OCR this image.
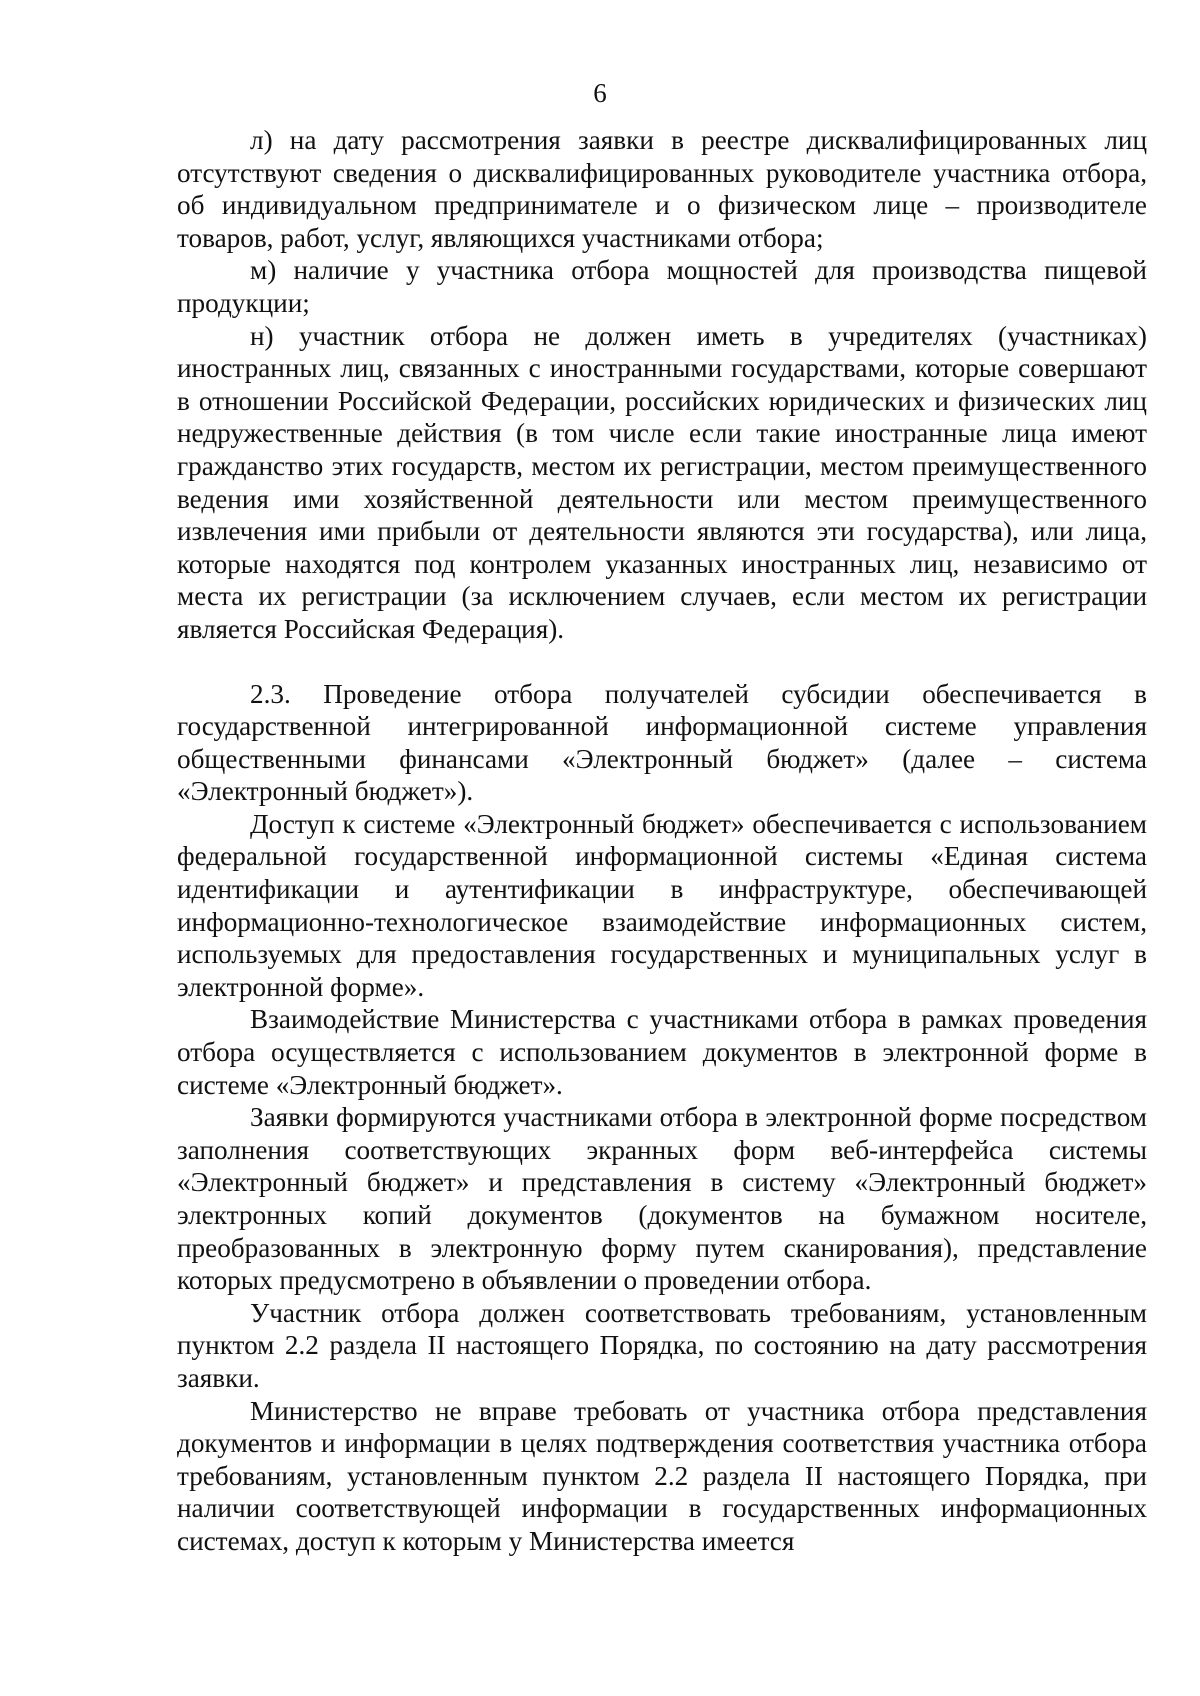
6

л) на дату рассмотрения заявки в реестре дисквалифицированных лиц отсутствуют сведения о дисквалифицированных руководителе участника отбора, об индивидуальном предпринимателе и о физическом лице – производителе товаров, работ, услуг, являющихся участниками отбора;

м) наличие у участника отбора мощностей для производства пищевой продукции;

н) участник отбора не должен иметь в учредителях (участниках) иностранных лиц, связанных с иностранными государствами, которые совершают в отношении Российской Федерации, российских юридических и физических лиц недружественные действия (в том числе если такие иностранные лица имеют гражданство этих государств, местом их регистрации, местом преимущественного ведения ими хозяйственной деятельности или местом преимущественного извлечения ими прибыли от деятельности являются эти государства), или лица, которые находятся под контролем указанных иностранных лиц, независимо от места их регистрации (за исключением случаев, если местом их регистрации является Российская Федерация).

2.3. Проведение отбора получателей субсидии обеспечивается в государственной интегрированной информационной системе управления общественными финансами «Электронный бюджет» (далее – система «Электронный бюджет»).

Доступ к системе «Электронный бюджет» обеспечивается с использованием федеральной государственной информационной системы «Единая система идентификации и аутентификации в инфраструктуре, обеспечивающей информационно-технологическое взаимодействие информационных систем, используемых для предоставления государственных и муниципальных услуг в электронной форме».

Взаимодействие Министерства с участниками отбора в рамках проведения отбора осуществляется с использованием документов в электронной форме в системе «Электронный бюджет».

Заявки формируются участниками отбора в электронной форме посредством заполнения соответствующих экранных форм веб-интерфейса системы «Электронный бюджет» и представления в систему «Электронный бюджет» электронных копий документов (документов на бумажном носителе, преобразованных в электронную форму путем сканирования), представление которых предусмотрено в объявлении о проведении отбора.

Участник отбора должен соответствовать требованиям, установленным пунктом 2.2 раздела II настоящего Порядка, по состоянию на дату рассмотрения заявки.

Министерство не вправе требовать от участника отбора представления документов и информации в целях подтверждения соответствия участника отбора требованиям, установленным пунктом 2.2 раздела II настоящего Порядка, при наличии соответствующей информации в государственных информационных системах, доступ к которым у Министерства имеется
